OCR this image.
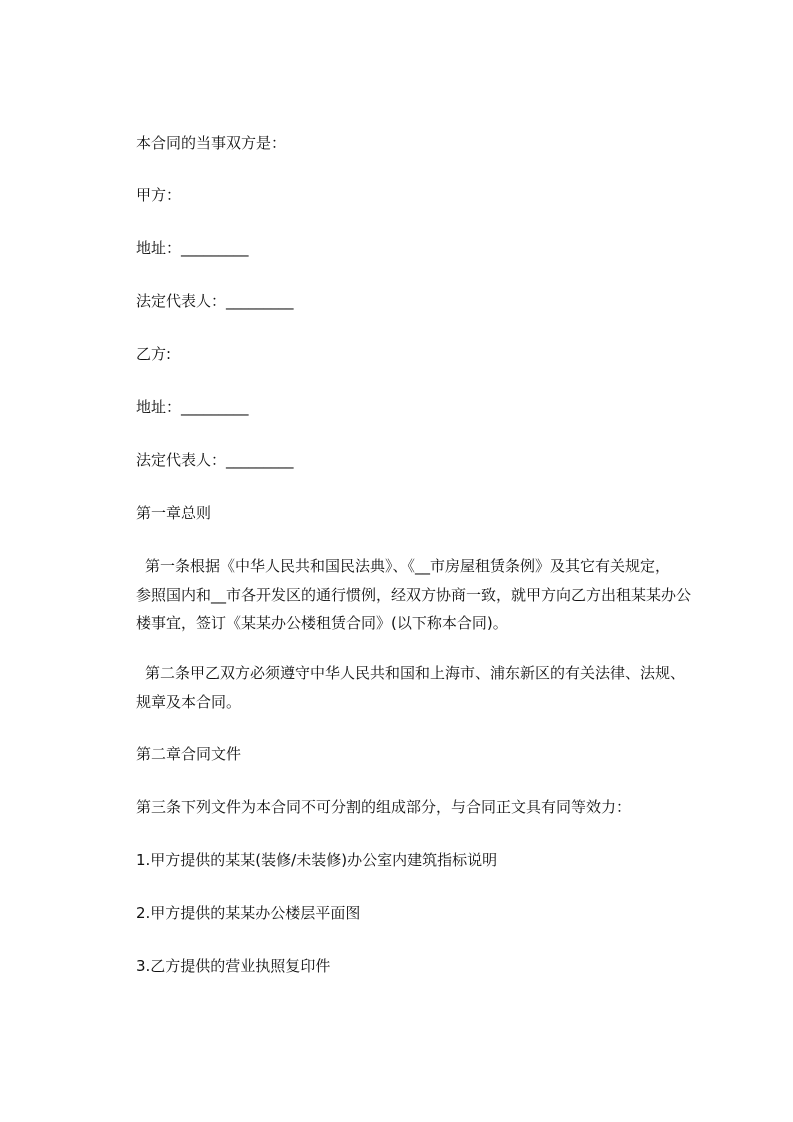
本合同的当事双方是：

甲方：

地址：_________

法定代表人：_________

乙方:

地址：_________

法定代表人：_________

第一章总则

第一条根据《中华人民共和国民法典》、《__市房屋租赁条例》及其它有关规定，

参照国内和__市各开发区的通行惯例，经双方协商一致，就甲方向乙方出租某某办公

楼事宜，签订《某某办公楼租赁合同》(以下称本合同)。

第二条甲乙双方必须遵守中华人民共和国和上海市、浦东新区的有关法律、法规、

规章及本合同。

第二章合同文件

第三条下列文件为本合同不可分割的组成部分，与合同正文具有同等效力：

1.甲方提供的某某(装修/未装修)办公室内建筑指标说明

2.甲方提供的某某办公楼层平面图

3.乙方提供的营业执照复印件
